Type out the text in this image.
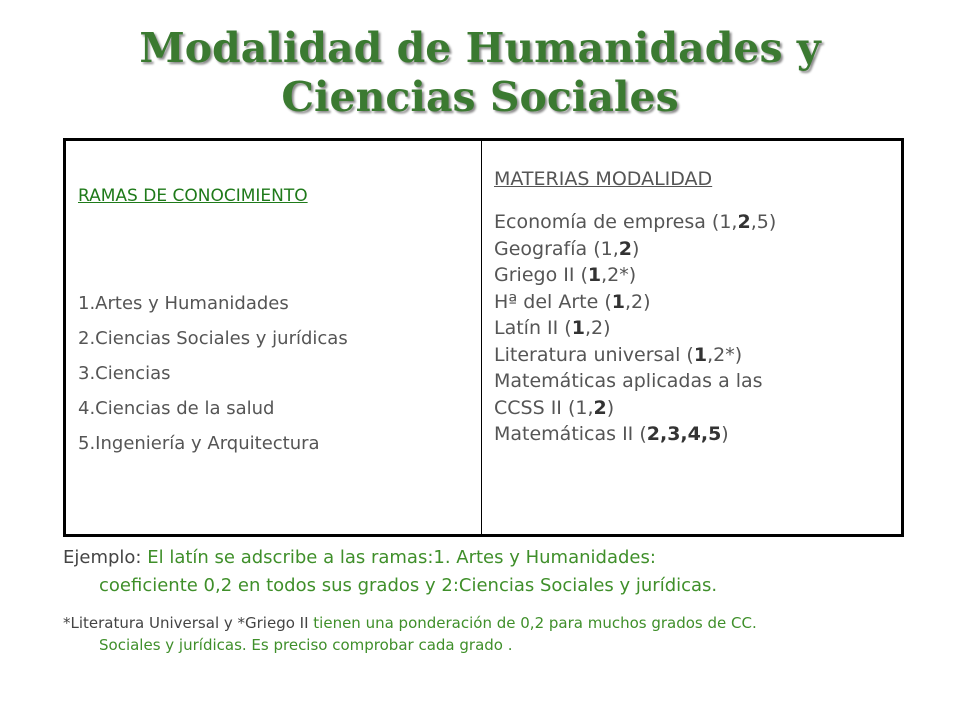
Modalidad de Humanidades y
Ciencias Sociales
RAMAS DE CONOCIMIENTO
1.Artes y Humanidades
2.Ciencias Sociales y jurídicas
3.Ciencias
4.Ciencias de la salud
5.Ingeniería y Arquitectura
MATERIAS MODALIDAD
Economía de empresa (1,2,5)
Geografía (1,2)
Griego II (1,2*)
Hª del Arte (1,2)
Latín II (1,2)
Literatura universal (1,2*)
Matemáticas aplicadas a las
CCSS II (1,2)
Matemáticas II (2,3,4,5)
Ejemplo: El latín se adscribe a las ramas:1. Artes y Humanidades:
coeficiente 0,2 en todos sus grados y 2:Ciencias Sociales y jurídicas.
*Literatura Universal y *Griego II tienen una ponderación de 0,2 para muchos grados de CC.
Sociales y jurídicas. Es preciso comprobar cada grado .
